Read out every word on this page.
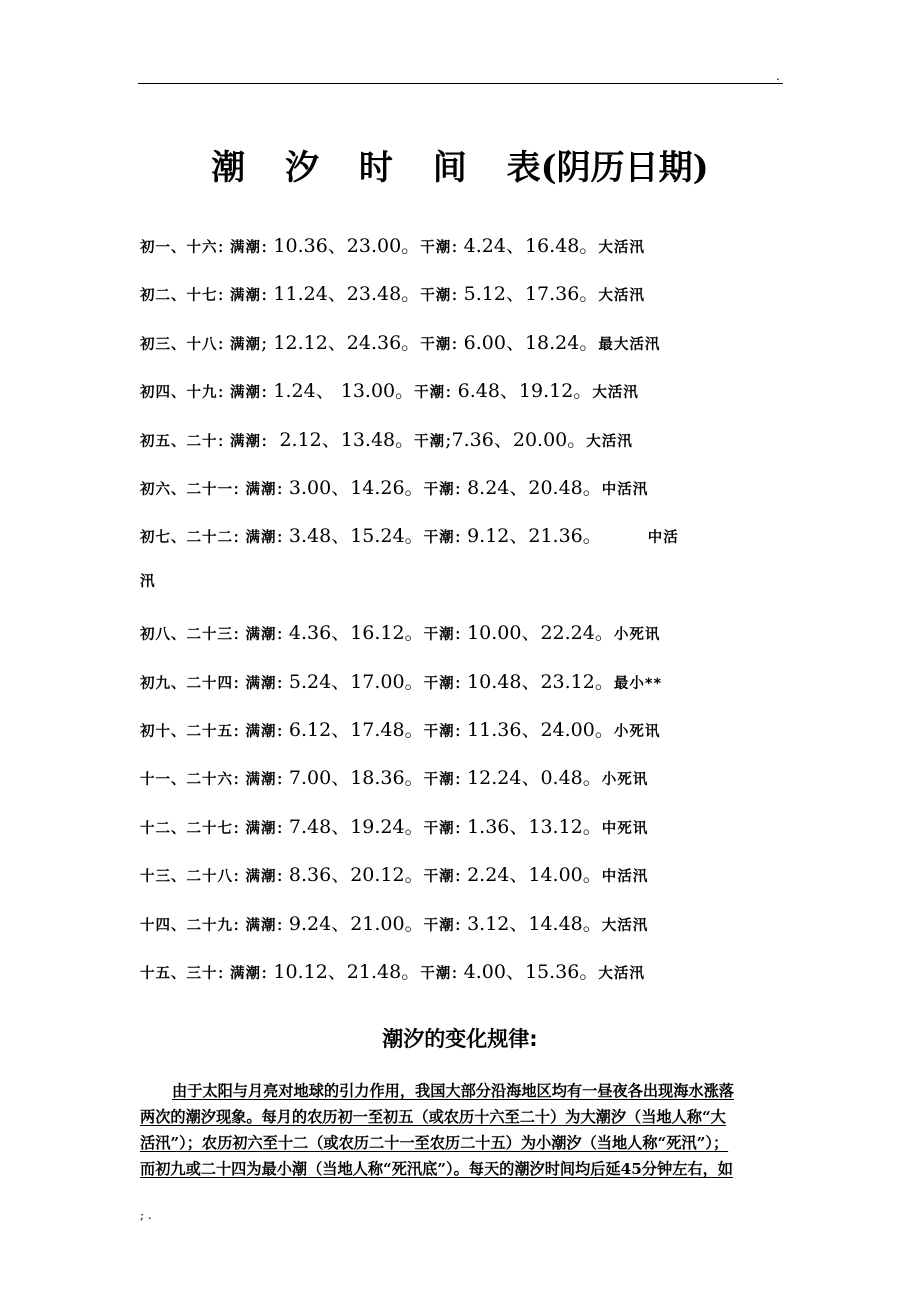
.
潮 汐 时 间 表(阴历日期)
初一、十六: 满潮: 10.36、23.00。干潮: 4.24、16.48。大活汛
初二、十七: 满潮: 11.24、23.48。干潮: 5.12、17.36。大活汛
初三、十八: 满潮; 12.12、24.36。干潮: 6.00、18.24。最大活汛
初四、十九: 满潮: 1.24、 13.00。干潮: 6.48、19.12。大活汛
初五、二十: 满潮:  2.12、13.48。干潮;7.36、20.00。大活汛
初六、二十一: 满潮: 3.00、14.26。干潮: 8.24、20.48。中活汛
初七、二十二: 满潮: 3.48、15.24。干潮: 9.12、21.36。	中活
初八、二十三: 满潮: 4.36、16.12。干潮: 10.00、22.24。小死讯
初九、二十四: 满潮: 5.24、17.00。干潮: 10.48、23.12。最小**
初十、二十五: 满潮: 6.12、17.48。干潮: 11.36、24.00。小死讯
十一、二十六: 满潮: 7.00、18.36。干潮: 12.24、0.48。小死讯
十二、二十七: 满潮: 7.48、19.24。干潮: 1.36、13.12。中死讯
十三、二十八: 满潮: 8.36、20.12。干潮: 2.24、14.00。中活汛
十四、二十九: 满潮: 9.24、21.00。干潮: 3.12、14.48。大活汛
十五、三十: 满潮: 10.12、21.48。干潮: 4.00、15.36。大活汛
汛
潮汐的变化规律:
由于太阳与月亮对地球的引力作用，我国大部分沿海地区均有一昼夜各出现海水涨落
两次的潮汐现象。每月的农历初一至初五（或农历十六至二十）为大潮汐（当地人称“大
活汛”）；农历初六至十二（或农历二十一至农历二十五）为小潮汐（当地人称“死汛”）；
而初九或二十四为最小潮（当地人称“死汛底”）。每天的潮汐时间均后延45分钟左右，如
; .
